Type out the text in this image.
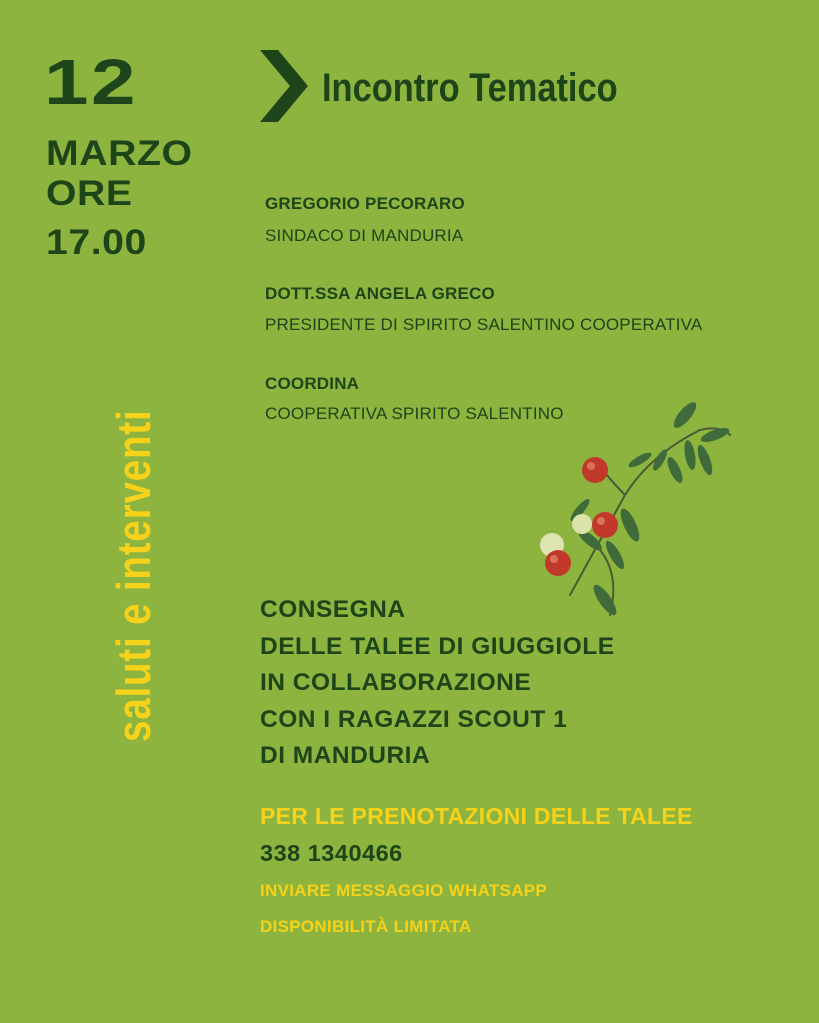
12
MARZO
ORE
17.00
Incontro Tematico
GREGORIO PECORARO
SINDACO DI MANDURIA
DOTT.SSA ANGELA GRECO
PRESIDENTE DI SPIRITO SALENTINO COOPERATIVA
COORDINA
COOPERATIVA SPIRITO SALENTINO
saluti e interventi	CONSEGNA
DELLE TALEE DI GIUGGIOLE
IN COLLABORAZIONE
CON I RAGAZZI SCOUT 1
DI MANDURIA
PER LE PRENOTAZIONI DELLE TALEE
338 1340466
INVIARE MESSAGGIO WHATSAPP
DISPONIBILITÀ LIMITATA
